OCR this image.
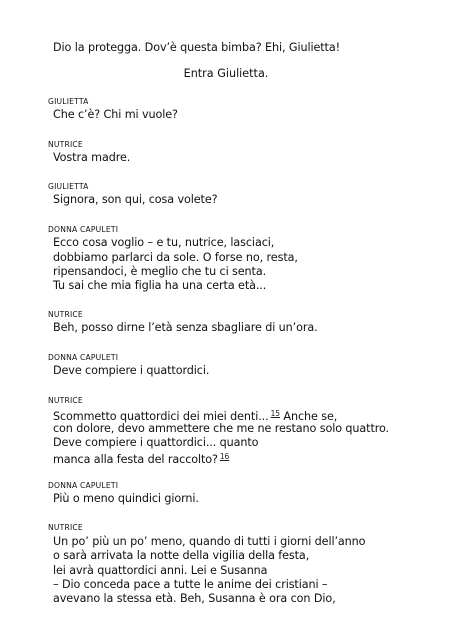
Dio la protegga. Dov’è questa bimba? Ehi, Giulietta!
Entra Giulietta.
GIULIETTA
Che c’è? Chi mi vuole?
NUTRICE
Vostra madre.
GIULIETTA
Signora, son qui, cosa volete?
DONNA CAPULETI
Ecco cosa voglio – e tu, nutrice, lasciaci,
dobbiamo parlarci da sole. O forse no, resta,
ripensandoci, è meglio che tu ci senta.
Tu sai che mia figlia ha una certa età...
NUTRICE
Beh, posso dirne l’età senza sbagliare di un’ora.
DONNA CAPULETI
Deve compiere i quattordici.
NUTRICE
Scommetto quattordici dei miei denti... $^{15}$ Anche se,
con dolore, devo ammettere che me ne restano solo quattro.
Deve compiere i quattordici... quanto
manca alla festa del raccolto? $^{16}$
DONNA CAPULETI
Più o meno quindici giorni.
NUTRICE
Un po’ più un po’ meno, quando di tutti i giorni dell’anno
o sarà arrivata la notte della vigilia della festa,
lei avrà quattordici anni. Lei e Susanna
– Dio conceda pace a tutte le anime dei cristiani –
avevano la stessa età. Beh, Susanna è ora con Dio,
